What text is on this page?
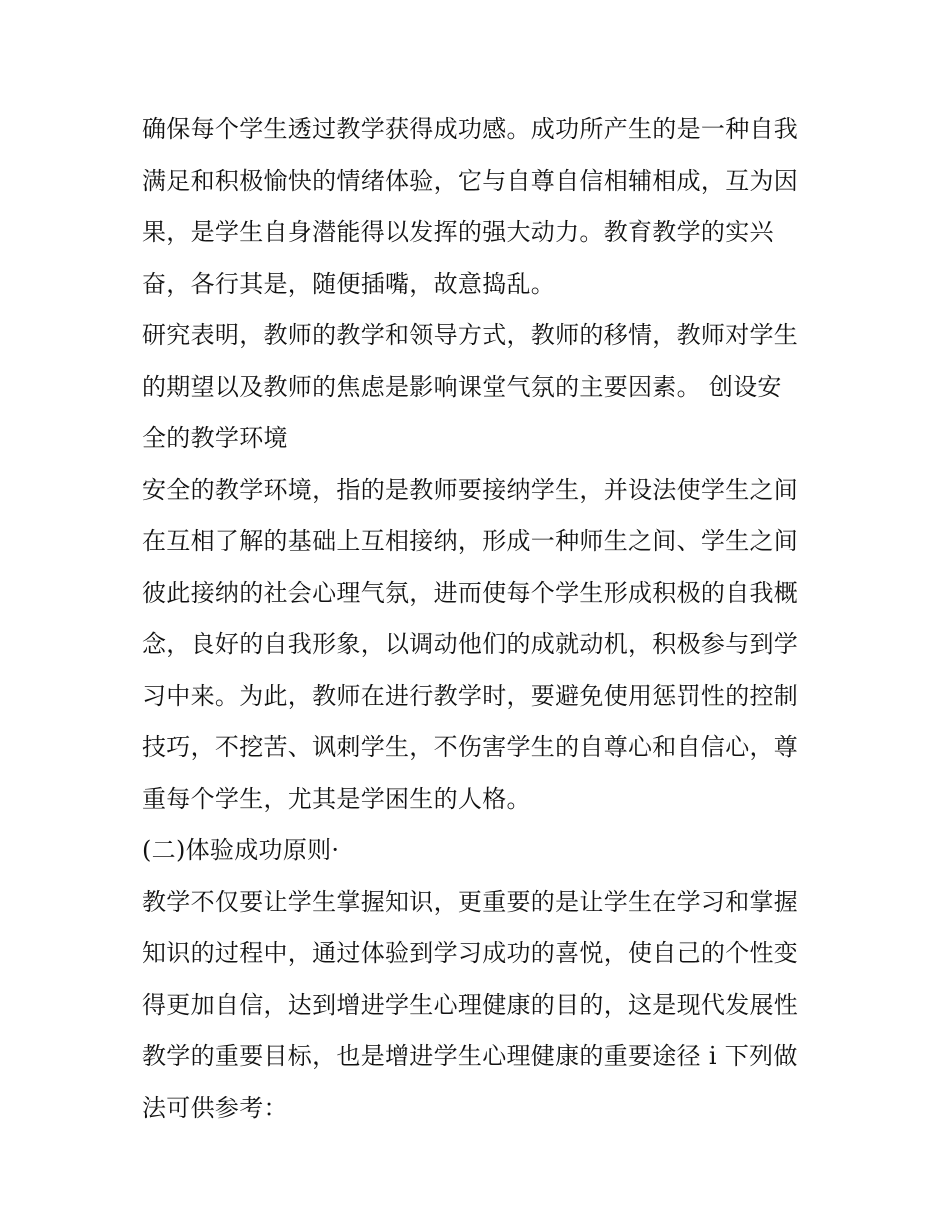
确保每个学生透过教学获得成功感。成功所产生的是一种自我
满足和积极愉快的情绪体验，它与自尊自信相辅相成，互为因
果，是学生自身潜能得以发挥的强大动力。教育教学的实兴
奋，各行其是，随便插嘴，故意捣乱。
研究表明，教师的教学和领导方式，教师的移情，教师对学生
的期望以及教师的焦虑是影响课堂气氛的主要因素。 创设安
全的教学环境
安全的教学环境，指的是教师要接纳学生，并设法使学生之间
在互相了解的基础上互相接纳，形成一种师生之间、学生之间
彼此接纳的社会心理气氛，进而使每个学生形成积极的自我概
念，良好的自我形象，以调动他们的成就动机，积极参与到学
习中来。为此，教师在进行教学时，要避免使用惩罚性的控制
技巧，不挖苦、讽刺学生，不伤害学生的自尊心和自信心，尊
重每个学生，尤其是学困生的人格。
(二)体验成功原则·
教学不仅要让学生掌握知识，更重要的是让学生在学习和掌握
知识的过程中，通过体验到学习成功的喜悦，使自己的个性变
得更加自信，达到增进学生心理健康的目的，这是现代发展性
教学的重要目标，也是增进学生心理健康的重要途径 i 下列做
法可供参考：
